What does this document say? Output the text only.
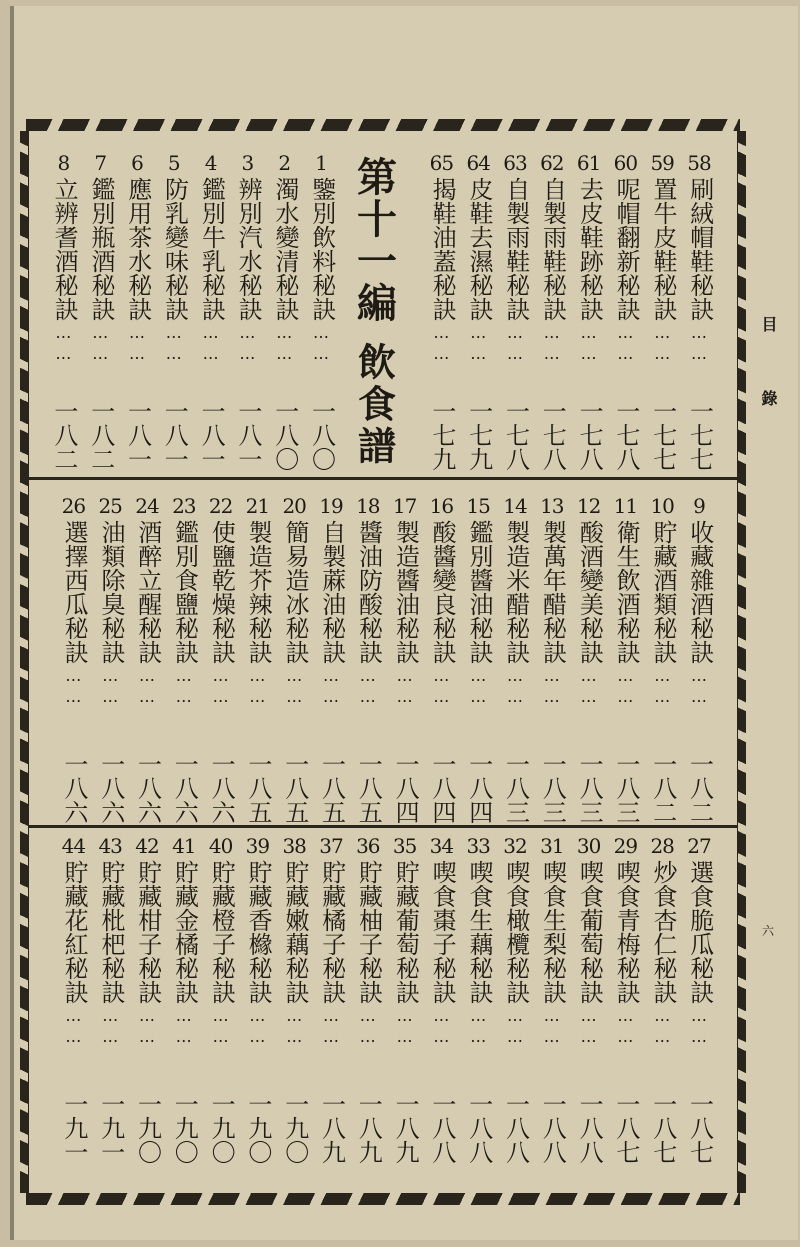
第十一編
飲食譜
58
刷絨帽鞋秘訣
……
一七七
59
置牛皮鞋秘訣
……
一七七
60
呢帽翻新秘訣
……
一七八
61
去皮鞋跡秘訣
……
一七八
62
自製雨鞋秘訣
……
一七八
63
自製雨鞋秘訣
……
一七八
64
皮鞋去濕秘訣
……
一七九
65
揭鞋油蓋秘訣
……
一七九
1
鑒別飲料秘訣
……
一八〇
2
濁水變清秘訣
……
一八〇
3
辨別汽水秘訣
……
一八一
4
鑑別牛乳秘訣
……
一八一
5
防乳變味秘訣
……
一八一
6
應用茶水秘訣
……
一八一
7
鑑別瓶酒秘訣
……
一八二
8
立辨耆酒秘訣
……
一八二
9
收藏雜酒秘訣
……
一八二
10
貯藏酒類秘訣
……
一八二
11
衛生飲酒秘訣
……
一八三
12
酸酒變美秘訣
……
一八三
13
製萬年醋秘訣
……
一八三
14
製造米醋秘訣
……
一八三
15
鑑別醬油秘訣
……
一八四
16
酸醬變良秘訣
……
一八四
17
製造醬油秘訣
……
一八四
18
醬油防酸秘訣
……
一八五
19
自製蔴油秘訣
……
一八五
20
簡易造冰秘訣
……
一八五
21
製造芥辣秘訣
……
一八五
22
使鹽乾燥秘訣
……
一八六
23
鑑別食鹽秘訣
……
一八六
24
酒醉立醒秘訣
……
一八六
25
油類除臭秘訣
……
一八六
26
選擇西瓜秘訣
……
一八六
27
選食脆瓜秘訣
……
一八七
28
炒食杏仁秘訣
……
一八七
29
喫食青梅秘訣
……
一八七
30
喫食葡萄秘訣
……
一八八
31
喫食生梨秘訣
……
一八八
32
喫食橄欖秘訣
……
一八八
33
喫食生藕秘訣
……
一八八
34
喫食棗子秘訣
……
一八八
35
貯藏葡萄秘訣
……
一八九
36
貯藏柚子秘訣
……
一八九
37
貯藏橘子秘訣
……
一八九
38
貯藏嫩藕秘訣
……
一九〇
39
貯藏香櫞秘訣
……
一九〇
40
貯藏橙子秘訣
……
一九〇
41
貯藏金橘秘訣
……
一九〇
42
貯藏柑子秘訣
……
一九〇
43
貯藏枇杷秘訣
……
一九一
44
貯藏花紅秘訣
……
一九一
目錄
六
